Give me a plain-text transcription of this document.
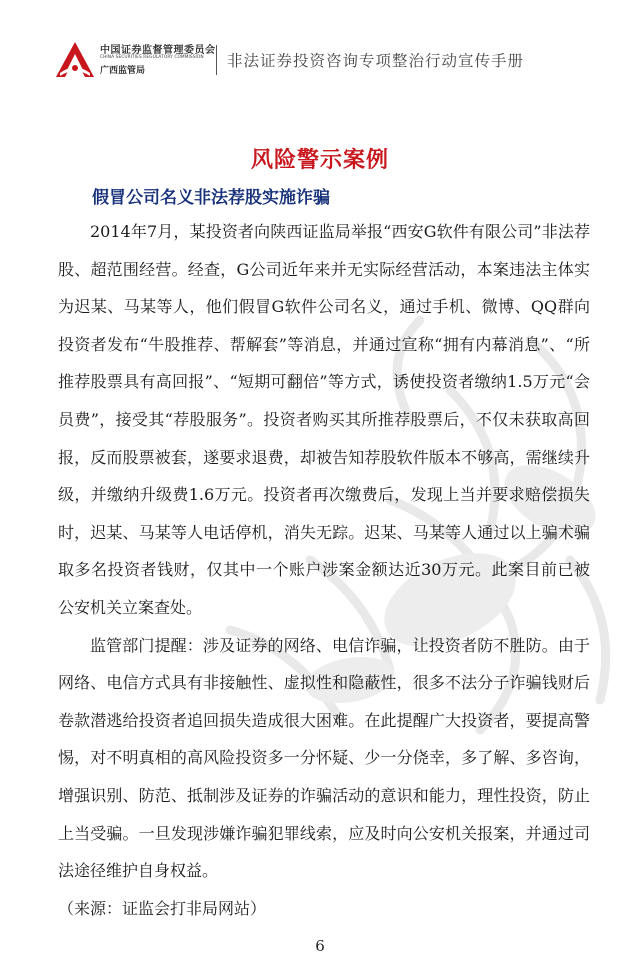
中国证券监督管理委员会
CHINA SECURITIES REGULATORY COMMISSION
广西监管局
非法证券投资咨询专项整治行动宣传手册
风险警示案例
假冒公司名义非法荐股实施诈骗

2014年7月，某投资者向陕西证监局举报“西安G软件有限公司”非法荐股、超范围经营。经查，G公司近年来并无实际经营活动，本案违法主体实为迟某、马某等人，他们假冒G软件公司名义，通过手机、微博、QQ群向投资者发布“牛股推荐、帮解套”等消息，并通过宣称“拥有内幕消息”、“所推荐股票具有高回报”、“短期可翻倍”等方式，诱使投资者缴纳1.5万元“会员费”，接受其“荐股服务”。投资者购买其所推荐股票后，不仅未获取高回报，反而股票被套，遂要求退费，却被告知荐股软件版本不够高，需继续升级，并缴纳升级费1.6万元。投资者再次缴费后，发现上当并要求赔偿损失时，迟某、马某等人电话停机，消失无踪。迟某、马某等人通过以上骗术骗取多名投资者钱财，仅其中一个账户涉案金额达近30万元。此案目前已被公安机关立案查处。

监管部门提醒：涉及证券的网络、电信诈骗，让投资者防不胜防。由于网络、电信方式具有非接触性、虚拟性和隐蔽性，很多不法分子诈骗钱财后卷款潜逃给投资者追回损失造成很大困难。在此提醒广大投资者，要提高警惕，对不明真相的高风险投资多一分怀疑、少一分侥幸，多了解、多咨询，增强识别、防范、抵制涉及证券的诈骗活动的意识和能力，理性投资，防止上当受骗。一旦发现涉嫌诈骗犯罪线索，应及时向公安机关报案，并通过司法途径维护自身权益。

（来源：证监会打非局网站）

6
